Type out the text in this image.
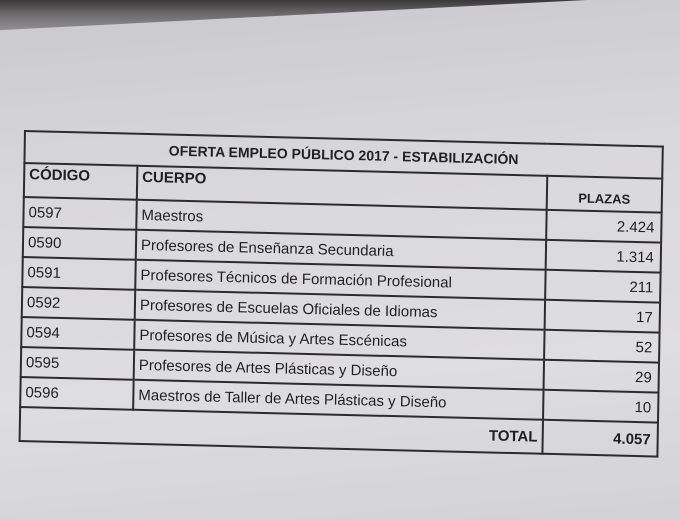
OFERTA EMPLEO PÚBLICO 2017 - ESTABILIZACIÓN		
CÓDIGO	CUERPO	PLAZAS
0597	Maestros	2.424
0590	Profesores de Enseñanza Secundaria	1.314
0591	Profesores Técnicos de Formación Profesional	211
0592	Profesores de Escuelas Oficiales de Idiomas	17
0594	Profesores de Música y Artes Escénicas	52
0595	Profesores de Artes Plásticas y Diseño	29
0596	Maestros de Taller de Artes Plásticas y Diseño	10
	TOTAL	4.057
